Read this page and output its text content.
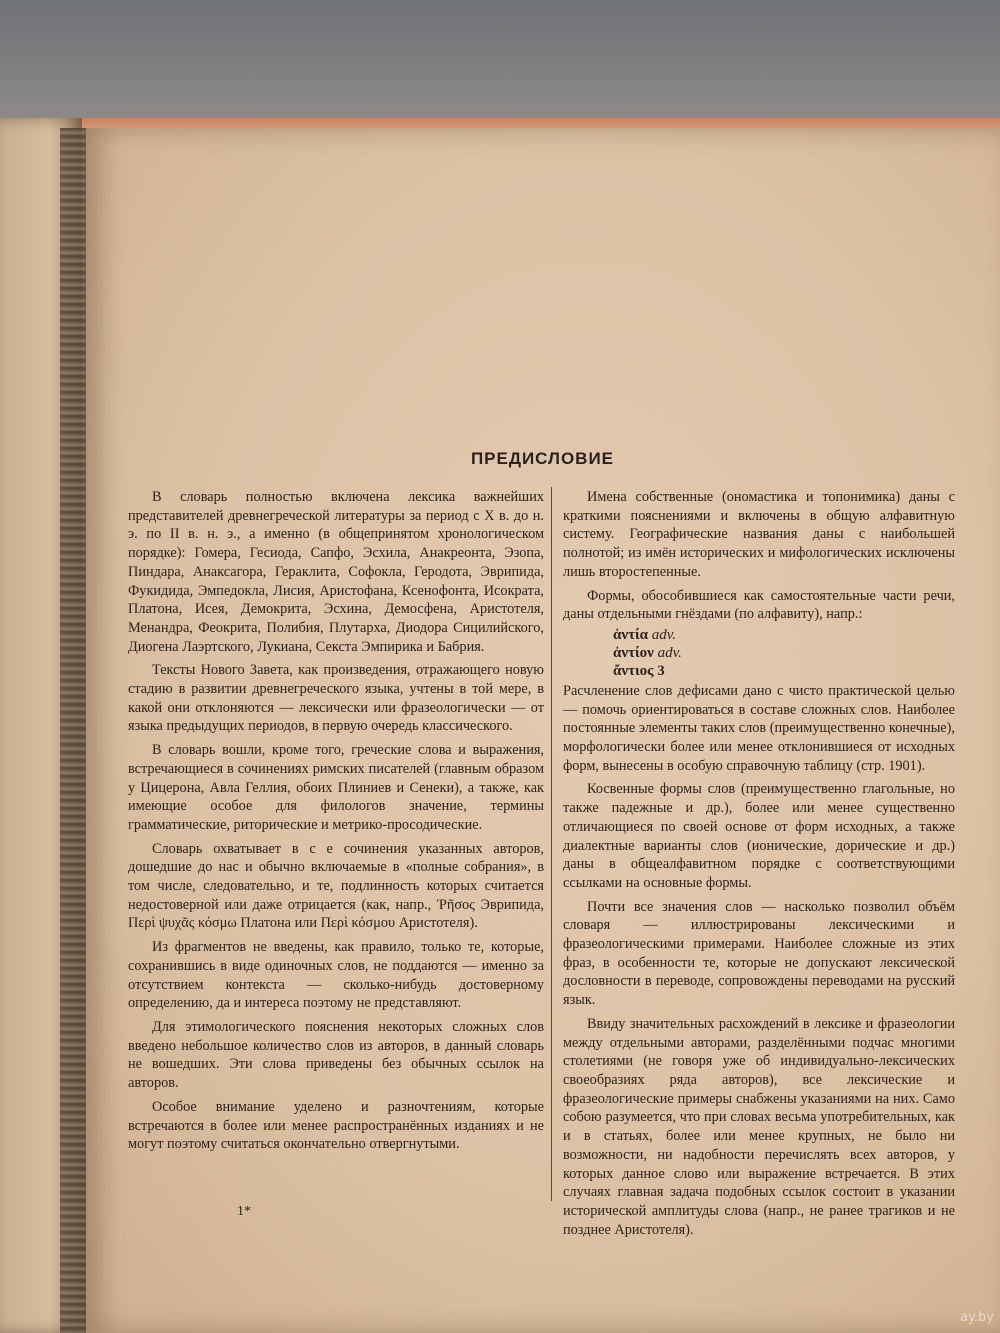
ПРЕДИСЛОВИЕ

В словарь полностью включена лексика важнейших представителей древнегреческой литературы за период с X в. до н. э. по II в. н. э., а именно (в общепринятом хронологическом порядке): Гомера, Гесиода, Сапфо, Эсхила, Анакреонта, Эзопа, Пиндара, Анаксагора, Гераклита, Софокла, Геродота, Эврипида, Фукидида, Эмпедокла, Лисия, Аристофана, Ксенофонта, Исократа, Платона, Исея, Демокрита, Эсхина, Демосфена, Аристотеля, Менандра, Феокрита, Полибия, Плутарха, Диодора Сицилийского, Диогена Лаэртского, Лукиана, Секста Эмпирика и Бабрия.

Тексты Нового Завета, как произведения, отражающего новую стадию в развитии древнегреческого языка, учтены в той мере, в какой они отклоняются — лексически или фразеологически — от языка предыдущих периодов, в первую очередь классического.

В словарь вошли, кроме того, греческие слова и выражения, встречающиеся в сочинениях римских писателей (главным образом у Цицерона, Авла Геллия, обоих Плиниев и Сенеки), а также, как имеющие особое для филологов значение, термины грамматические, риторические и метрико-просодические.

Словарь охватывает в с е сочинения указанных авторов, дошедшие до нас и обычно включаемые в «полные собрания», в том числе, следовательно, и те, подлинность которых считается недостоверной или даже отрицается (как, напр., Ῥῆσος Эврипида, Περὶ ψυχᾶς κόσμω Платона или Περὶ κόσμου Аристотеля).

Из фрагментов не введены, как правило, только те, которые, сохранившись в виде одиночных слов, не поддаются — именно за отсутствием контекста — сколько-нибудь достоверному определению, да и интереса поэтому не представляют.

Для этимологического пояснения некоторых сложных слов введено небольшое количество слов из авторов, в данный словарь не вошедших. Эти слова приведены без обычных ссылок на авторов.

Особое внимание уделено и разночтениям, которые встречаются в более или менее распространённых изданиях и не могут поэтому считаться окончательно отвергнутыми.

Имена собственные (ономастика и топонимика) даны с краткими пояснениями и включены в общую алфавитную систему. Географические названия даны с наибольшей полнотой; из имён исторических и мифологических исключены лишь второстепенные.

Формы, обособившиеся как самостоятельные части речи, даны отдельными гнёздами (по алфавиту), напр.:

ἀντία adv.
ἀντίον adv.
ἄντιος 3

Расчленение слов дефисами дано с чисто практической целью — помочь ориентироваться в составе сложных слов. Наиболее постоянные элементы таких слов (преимущественно конечные), морфологически более или менее отклонившиеся от исходных форм, вынесены в особую справочную таблицу (стр. 1901).

Косвенные формы слов (преимущественно глагольные, но также падежные и др.), более или менее существенно отличающиеся по своей основе от форм исходных, а также диалектные варианты слов (ионические, дорические и др.) даны в общеалфавитном порядке с соответствующими ссылками на основные формы.

Почти все значения слов — насколько позволил объём словаря — иллюстрированы лексическими и фразеологическими примерами. Наиболее сложные из этих фраз, в особенности те, которые не допускают лексической дословности в переводе, сопровождены переводами на русский язык.

Ввиду значительных расхождений в лексике и фразеологии между отдельными авторами, разделёнными подчас многими столетиями (не говоря уже об индивидуально-лексических своеобразиях ряда авторов), все лексические и фразеологические примеры снабжены указаниями на них. Само собою разумеется, что при словах весьма употребительных, как и в статьях, более или менее крупных, не было ни возможности, ни надобности перечислять всех авторов, у которых данное слово или выражение встречается. В этих случаях главная задача подобных ссылок состоит в указании исторической амплитуды слова (напр., не ранее трагиков и не позднее Аристотеля).

1*
ay.by
